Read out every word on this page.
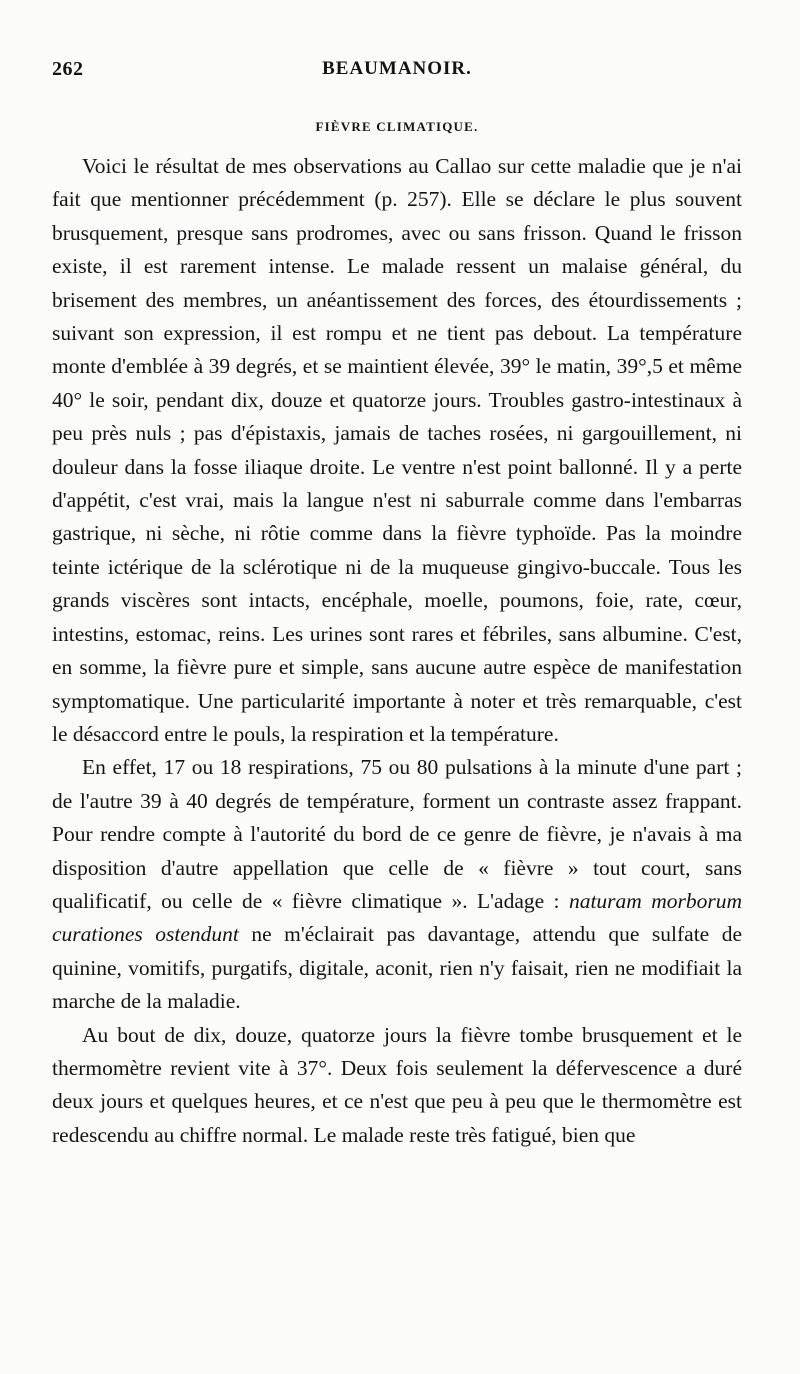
262	BEAUMANOIR.
FIÈVRE CLIMATIQUE.

Voici le résultat de mes observations au Callao sur cette maladie que je n'ai fait que mentionner précédemment (p. 257). Elle se déclare le plus souvent brusquement, presque sans prodromes, avec ou sans frisson. Quand le frisson existe, il est rarement intense. Le malade ressent un malaise général, du brisement des membres, un anéantissement des forces, des étourdissements ; suivant son expression, il est rompu et ne tient pas debout. La température monte d'emblée à 39 degrés, et se maintient élevée, 39° le matin, 39°,5 et même 40° le soir, pendant dix, douze et quatorze jours. Troubles gastro-intestinaux à peu près nuls ; pas d'épistaxis, jamais de taches rosées, ni gargouillement, ni douleur dans la fosse iliaque droite. Le ventre n'est point ballonné. Il y a perte d'appétit, c'est vrai, mais la langue n'est ni saburrale comme dans l'embarras gastrique, ni sèche, ni rôtie comme dans la fièvre typhoïde. Pas la moindre teinte ictérique de la sclérotique ni de la muqueuse gingivo-buccale. Tous les grands viscères sont intacts, encéphale, moelle, poumons, foie, rate, cœur, intestins, estomac, reins. Les urines sont rares et fébriles, sans albumine. C'est, en somme, la fièvre pure et simple, sans aucune autre espèce de manifestation symptomatique. Une particularité importante à noter et très remarquable, c'est le désaccord entre le pouls, la respiration et la température.

En effet, 17 ou 18 respirations, 75 ou 80 pulsations à la minute d'une part ; de l'autre 39 à 40 degrés de température, forment un contraste assez frappant. Pour rendre compte à l'autorité du bord de ce genre de fièvre, je n'avais à ma disposition d'autre appellation que celle de « fièvre » tout court, sans qualificatif, ou celle de « fièvre climatique ». L'adage : naturam morborum curationes ostendunt ne m'éclairait pas davantage, attendu que sulfate de quinine, vomitifs, purgatifs, digitale, aconit, rien n'y faisait, rien ne modifiait la marche de la maladie.

Au bout de dix, douze, quatorze jours la fièvre tombe brusquement et le thermomètre revient vite à 37°. Deux fois seulement la défervescence a duré deux jours et quelques heures, et ce n'est que peu à peu que le thermomètre est redescendu au chiffre normal. Le malade reste très fatigué, bien que
